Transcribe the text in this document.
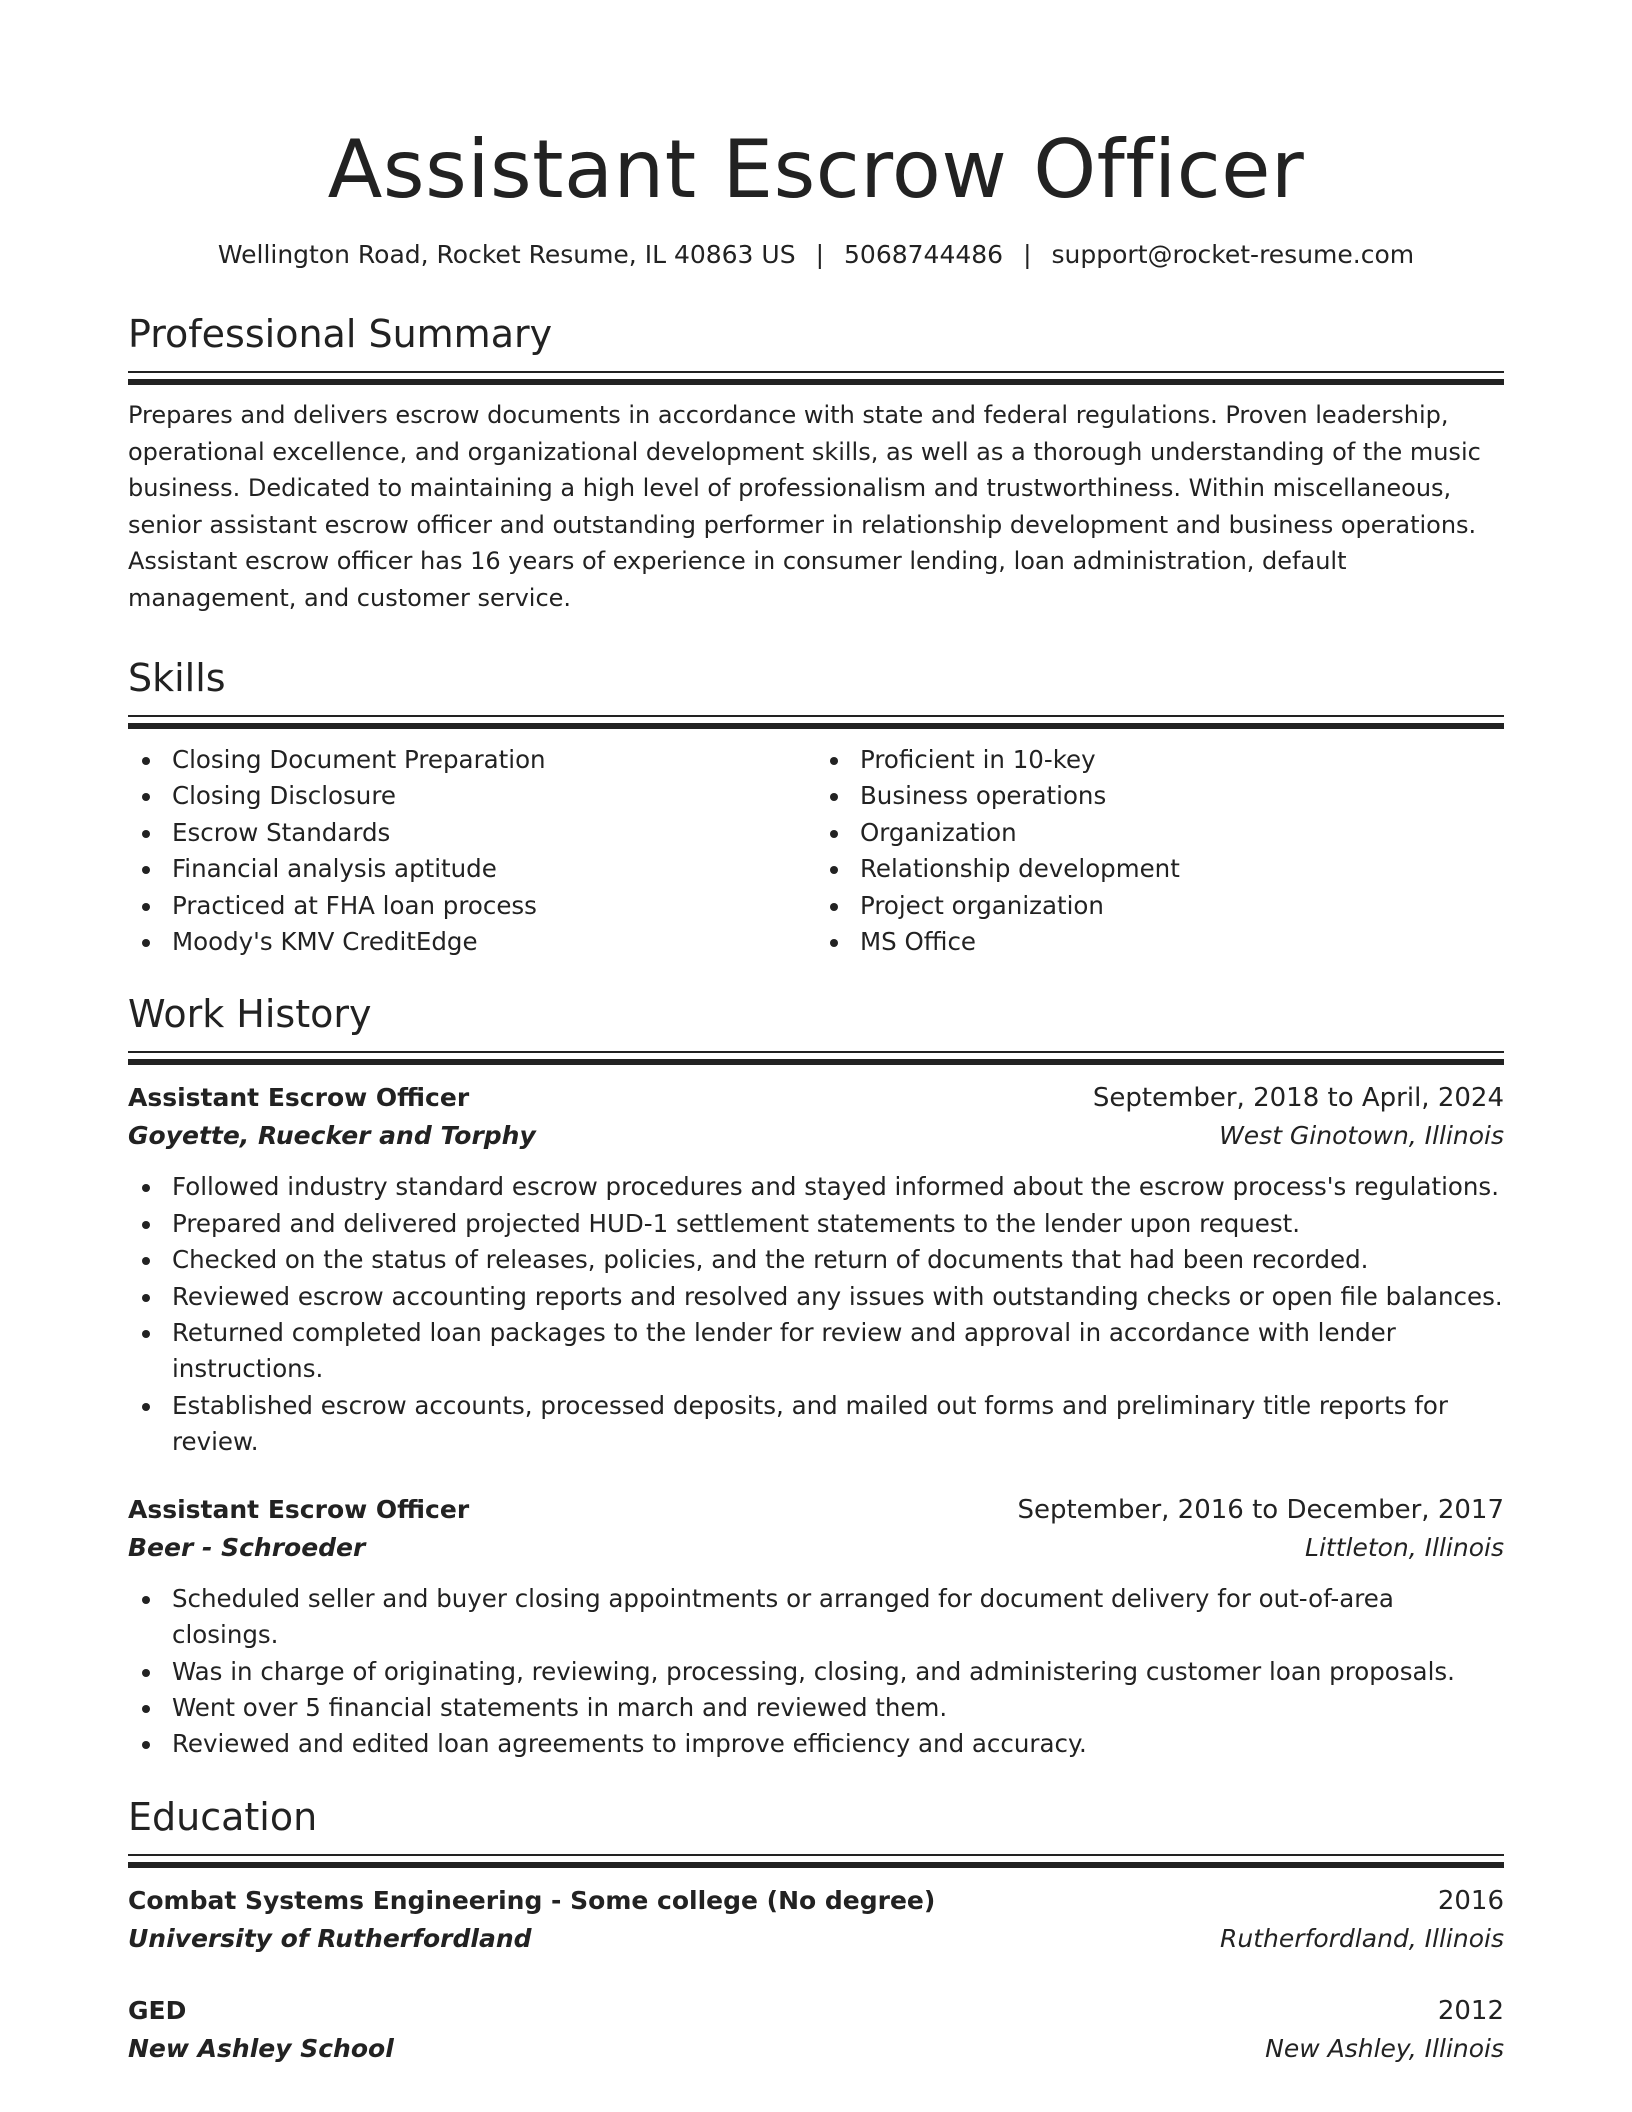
Assistant Escrow Officer
Wellington Road, Rocket Resume, IL 40863 US | 5068744486 | support@rocket-resume.com
Professional Summary

Prepares and delivers escrow documents in accordance with state and federal regulations. Proven leadership, operational excellence, and organizational development skills, as well as a thorough understanding of the music business. Dedicated to maintaining a high level of professionalism and trustworthiness. Within miscellaneous, senior assistant escrow officer and outstanding performer in relationship development and business operations. Assistant escrow officer has 16 years of experience in consumer lending, loan administration, default management, and customer service.

Skills
Closing Document Preparation
Closing Disclosure
Escrow Standards
Financial analysis aptitude
Practiced at FHA loan process
Moody's KMV CreditEdge
Proficient in 10-key
Business operations
Organization
Relationship development
Project organization
MS Office
Work History
Assistant Escrow Officer	September, 2018 to April, 2024
Goyette, Ruecker and Torphy	West Ginotown, Illinois
Followed industry standard escrow procedures and stayed informed about the escrow process's regulations.
Prepared and delivered projected HUD-1 settlement statements to the lender upon request.
Checked on the status of releases, policies, and the return of documents that had been recorded.
Reviewed escrow accounting reports and resolved any issues with outstanding checks or open file balances.
Returned completed loan packages to the lender for review and approval in accordance with lender instructions.
Established escrow accounts, processed deposits, and mailed out forms and preliminary title reports for review.
Assistant Escrow Officer	September, 2016 to December, 2017
Beer - Schroeder	Littleton, Illinois
Scheduled seller and buyer closing appointments or arranged for document delivery for out-of-area closings.
Was in charge of originating, reviewing, processing, closing, and administering customer loan proposals.
Went over 5 financial statements in march and reviewed them.
Reviewed and edited loan agreements to improve efficiency and accuracy.
Education
Combat Systems Engineering - Some college (No degree)	2016
University of Rutherfordland	Rutherfordland, Illinois
GED	2012
New Ashley School	New Ashley, Illinois
